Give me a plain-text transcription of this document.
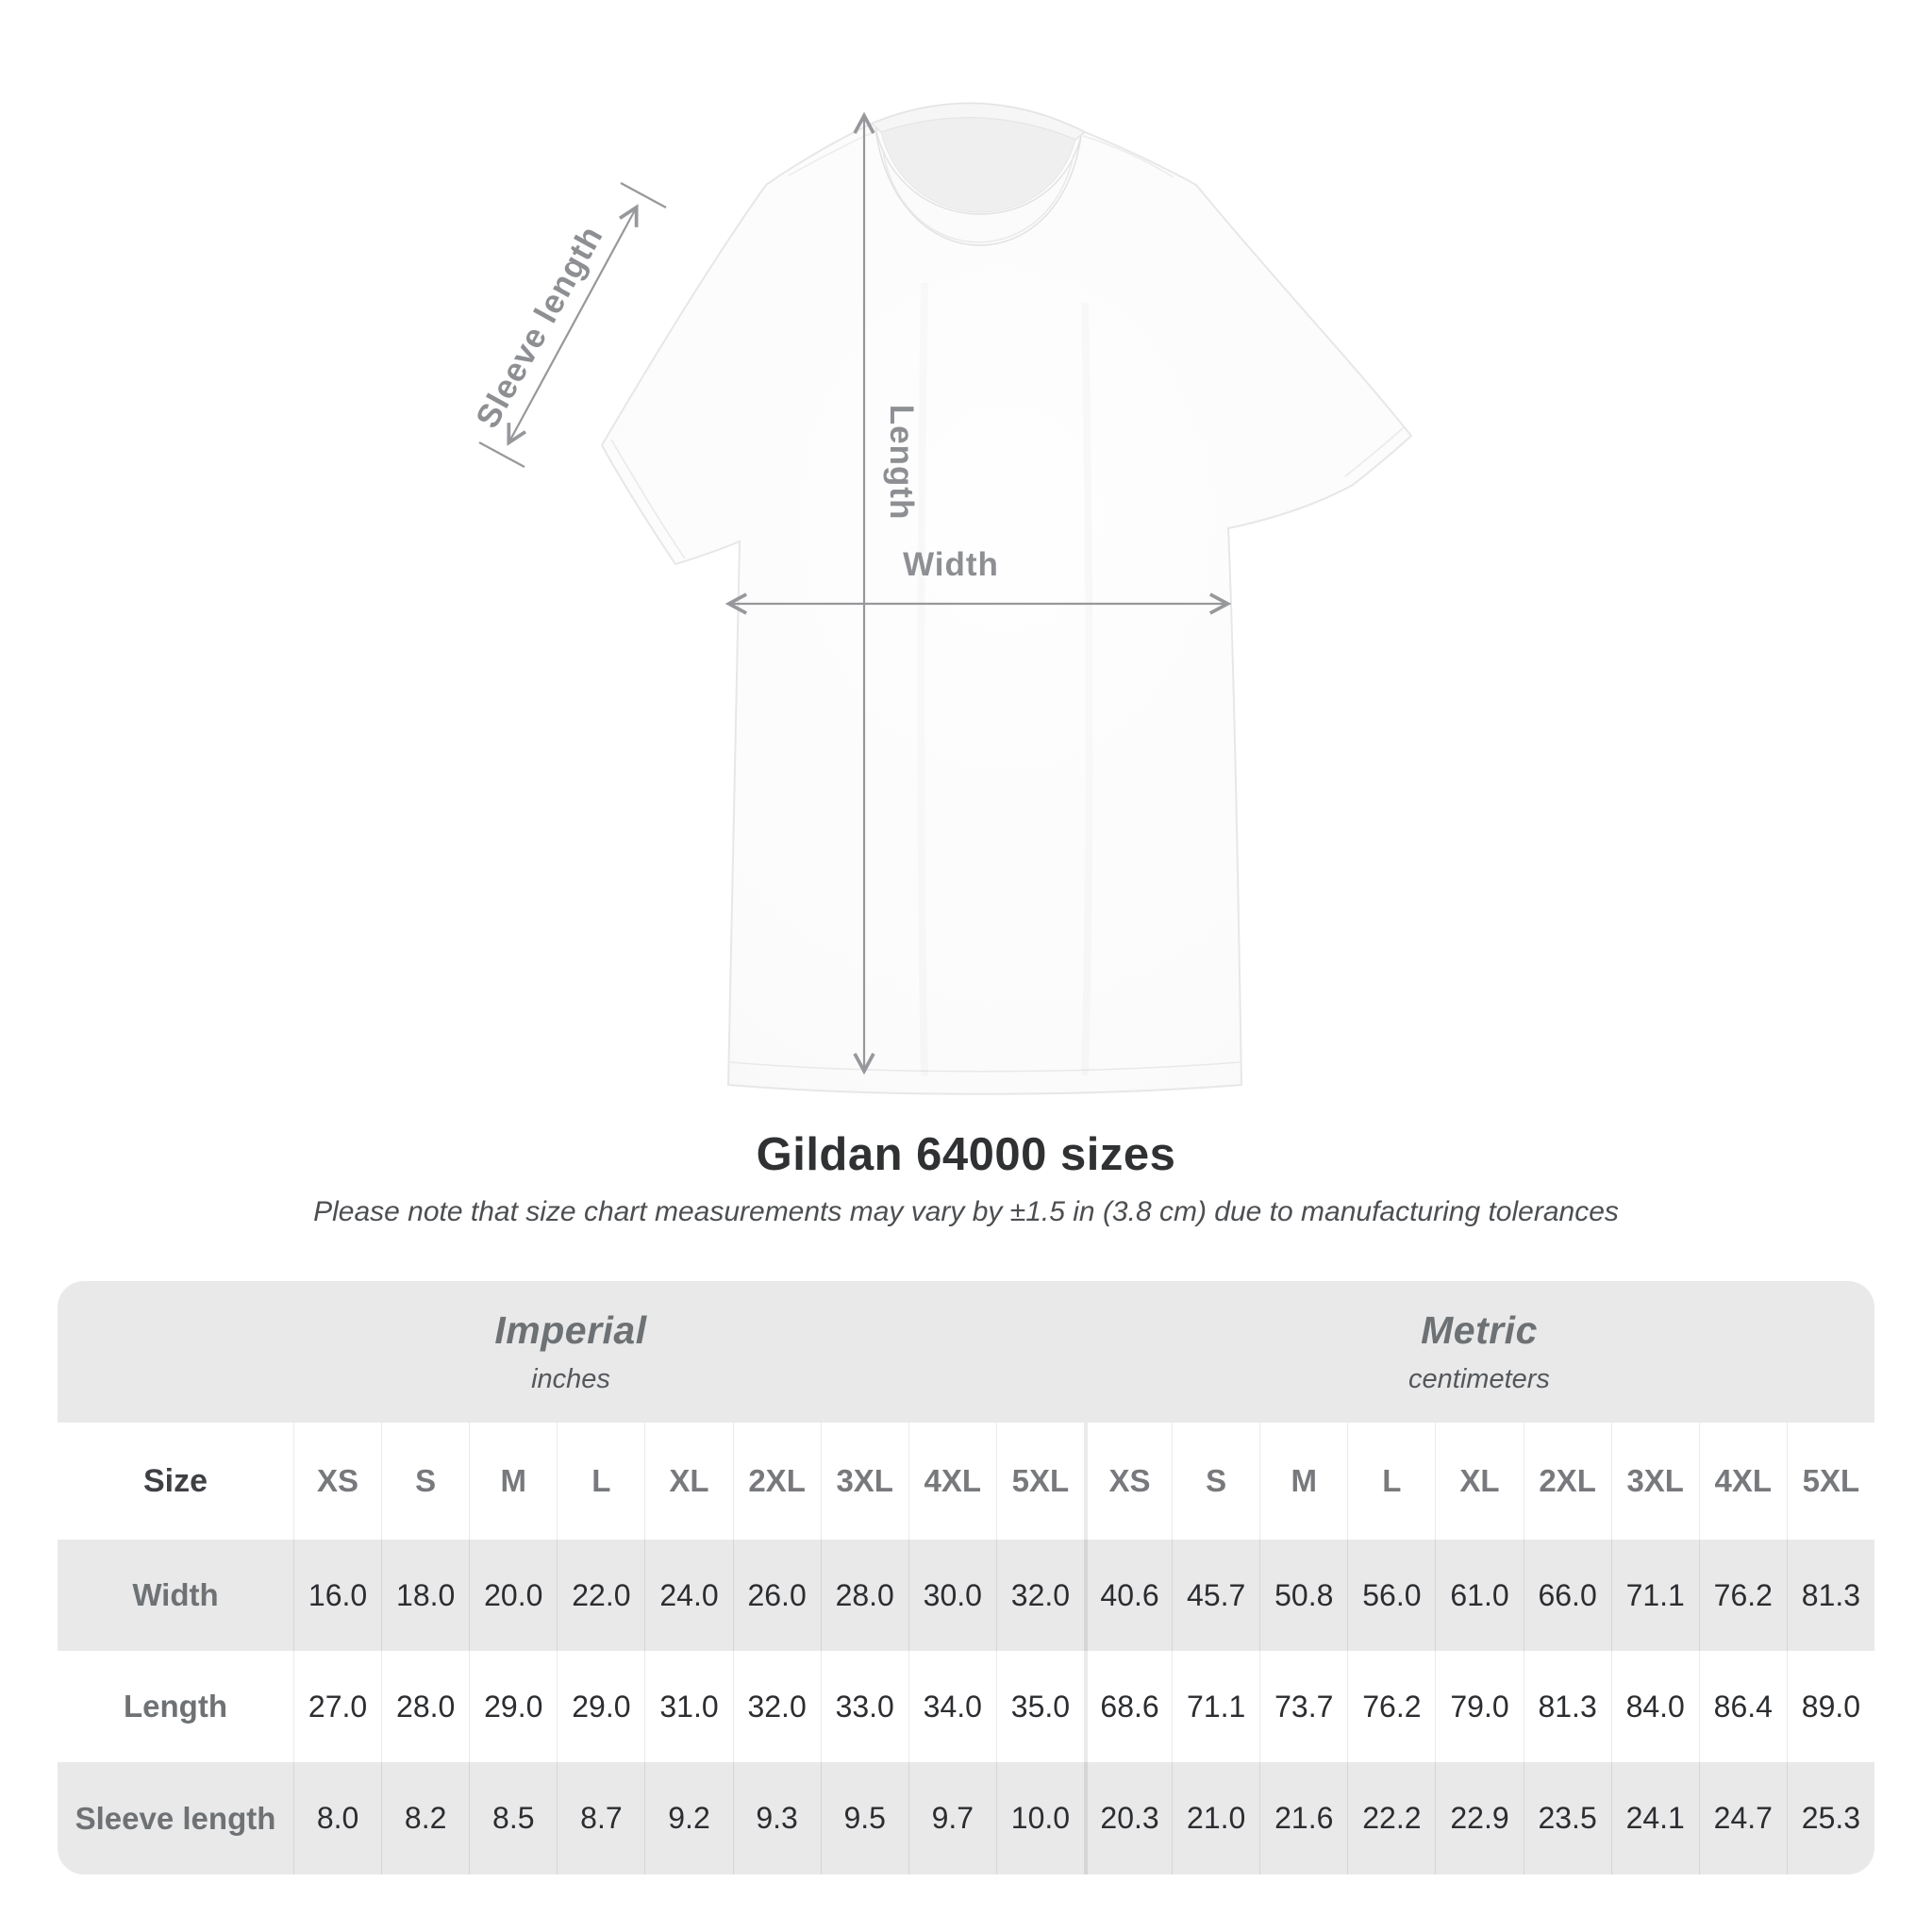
Length
Width
Sleeve length
Gildan 64000 sizes
Please note that size chart measurements may vary by ±1.5 in (3.8 cm) due to manufacturing tolerances
Imperial
inches
Metric
centimeters
Size	XS	S	M	L	XL	2XL 3XL 4XL 5XL	XS	S	M	L	XL	2XL 3XL 4XL 5XL
Width	16.0 18.0 20.0 22.0 24.0 26.0 28.0 30.0 32.0	40.6 45.7 50.8 56.0 61.0 66.0 71.1 76.2 81.3
Length	27.0 28.0 29.0 29.0 31.0 32.0 33.0 34.0 35.0	68.6 71.1 73.7 76.2 79.0 81.3 84.0 86.4 89.0
Sleeve length	8.0	8.2	8.5	8.7	9.2	9.3	9.5	9.7	10.0	20.3 21.0 21.6 22.2 22.9 23.5 24.1 24.7 25.3
